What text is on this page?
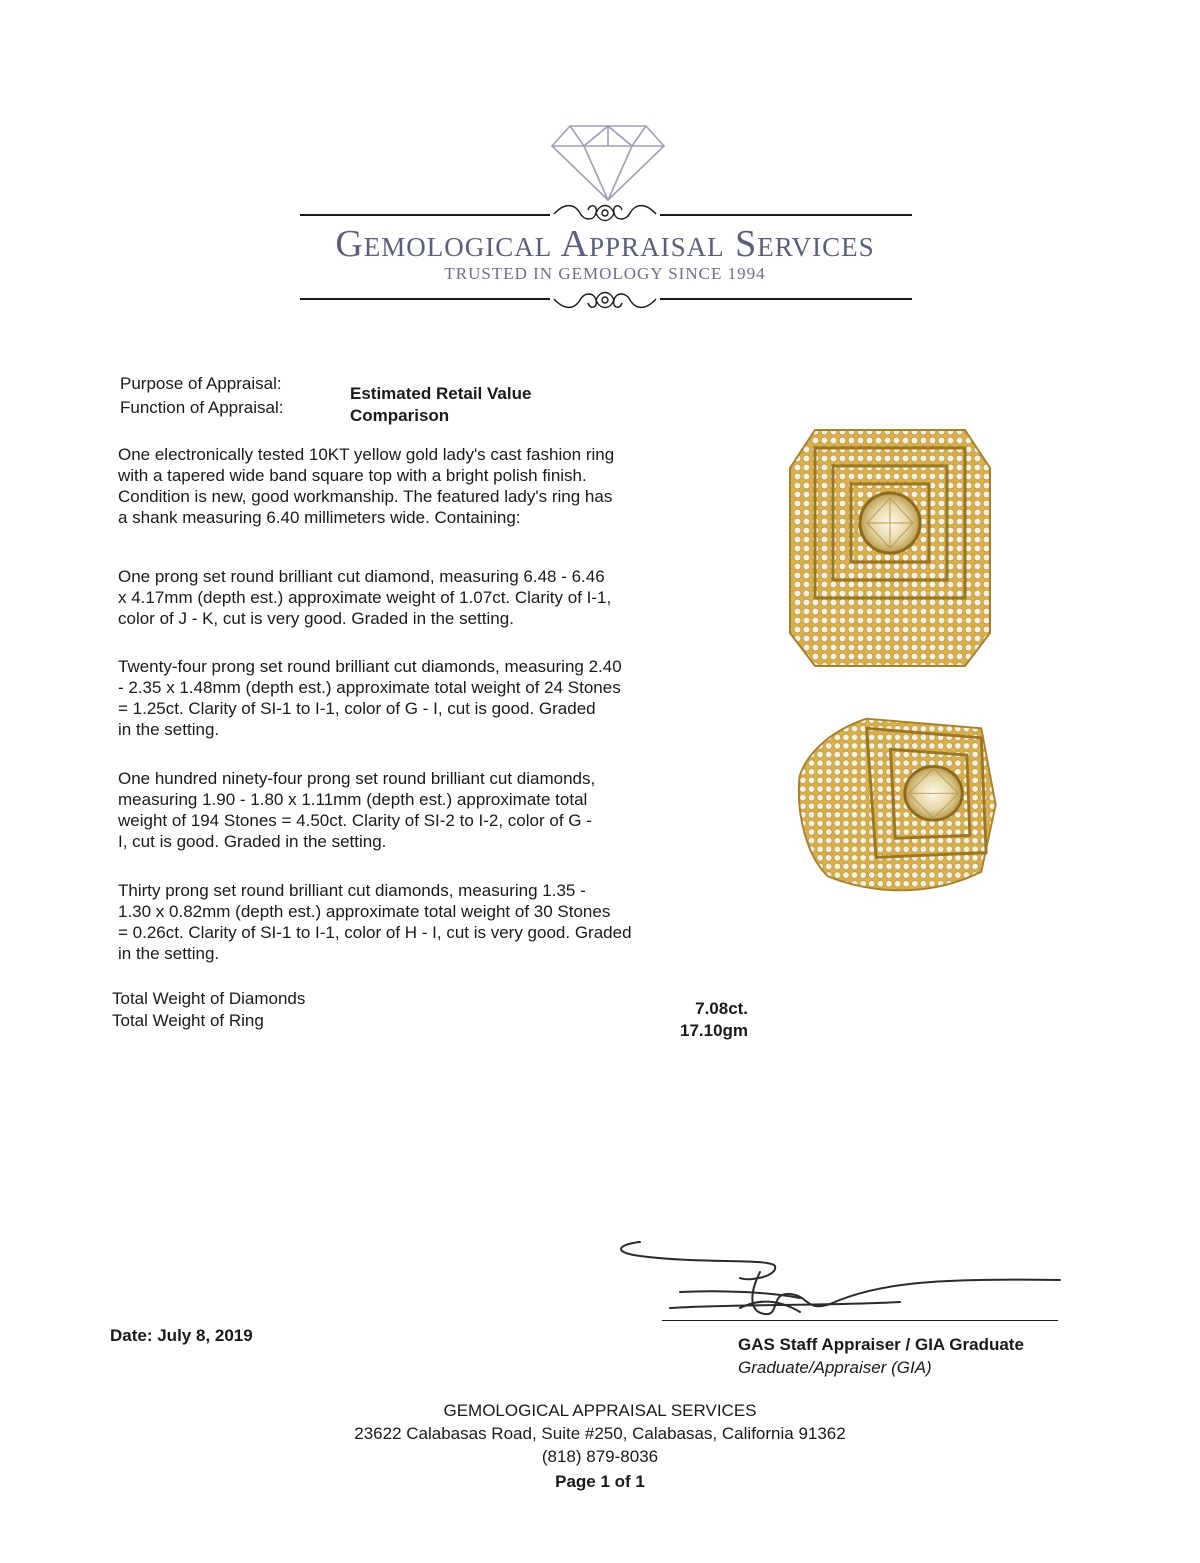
Gemological Appraisal Services
TRUSTED IN GEMOLOGY SINCE 1994
Purpose of Appraisal:
Estimated Retail Value
Function of Appraisal:	Comparison
One electronically tested 10KT yellow gold lady's cast fashion ring
with a tapered wide band square top with a bright polish finish.
Condition is new, good workmanship. The featured lady's ring has
a shank measuring 6.40 millimeters wide. Containing:
One prong set round brilliant cut diamond, measuring 6.48 - 6.46
x 4.17mm (depth est.) approximate weight of 1.07ct. Clarity of I-1,
color of J - K, cut is very good. Graded in the setting.
Twenty-four prong set round brilliant cut diamonds, measuring 2.40
- 2.35 x 1.48mm (depth est.) approximate total weight of 24 Stones
= 1.25ct. Clarity of SI-1 to I-1, color of G - I, cut is good. Graded
in the setting.
One hundred ninety-four prong set round brilliant cut diamonds,
measuring 1.90 - 1.80 x 1.11mm (depth est.) approximate total
weight of 194 Stones = 4.50ct. Clarity of SI-2 to I-2, color of G -
I, cut is good. Graded in the setting.
Thirty prong set round brilliant cut diamonds, measuring 1.35 -
1.30 x 0.82mm (depth est.) approximate total weight of 30 Stones
= 0.26ct. Clarity of SI-1 to I-1, color of H - I, cut is very good. Graded
in the setting.
Total Weight of Diamonds
Total Weight of Ring
7.08ct.
17.10gm
Date: July 8, 2019	GAS Staff Appraiser / GIA Graduate
Graduate/Appraiser (GIA)
GEMOLOGICAL APPRAISAL SERVICES
23622 Calabasas Road, Suite #250, Calabasas, California 91362
(818) 879-8036
Page 1 of 1
